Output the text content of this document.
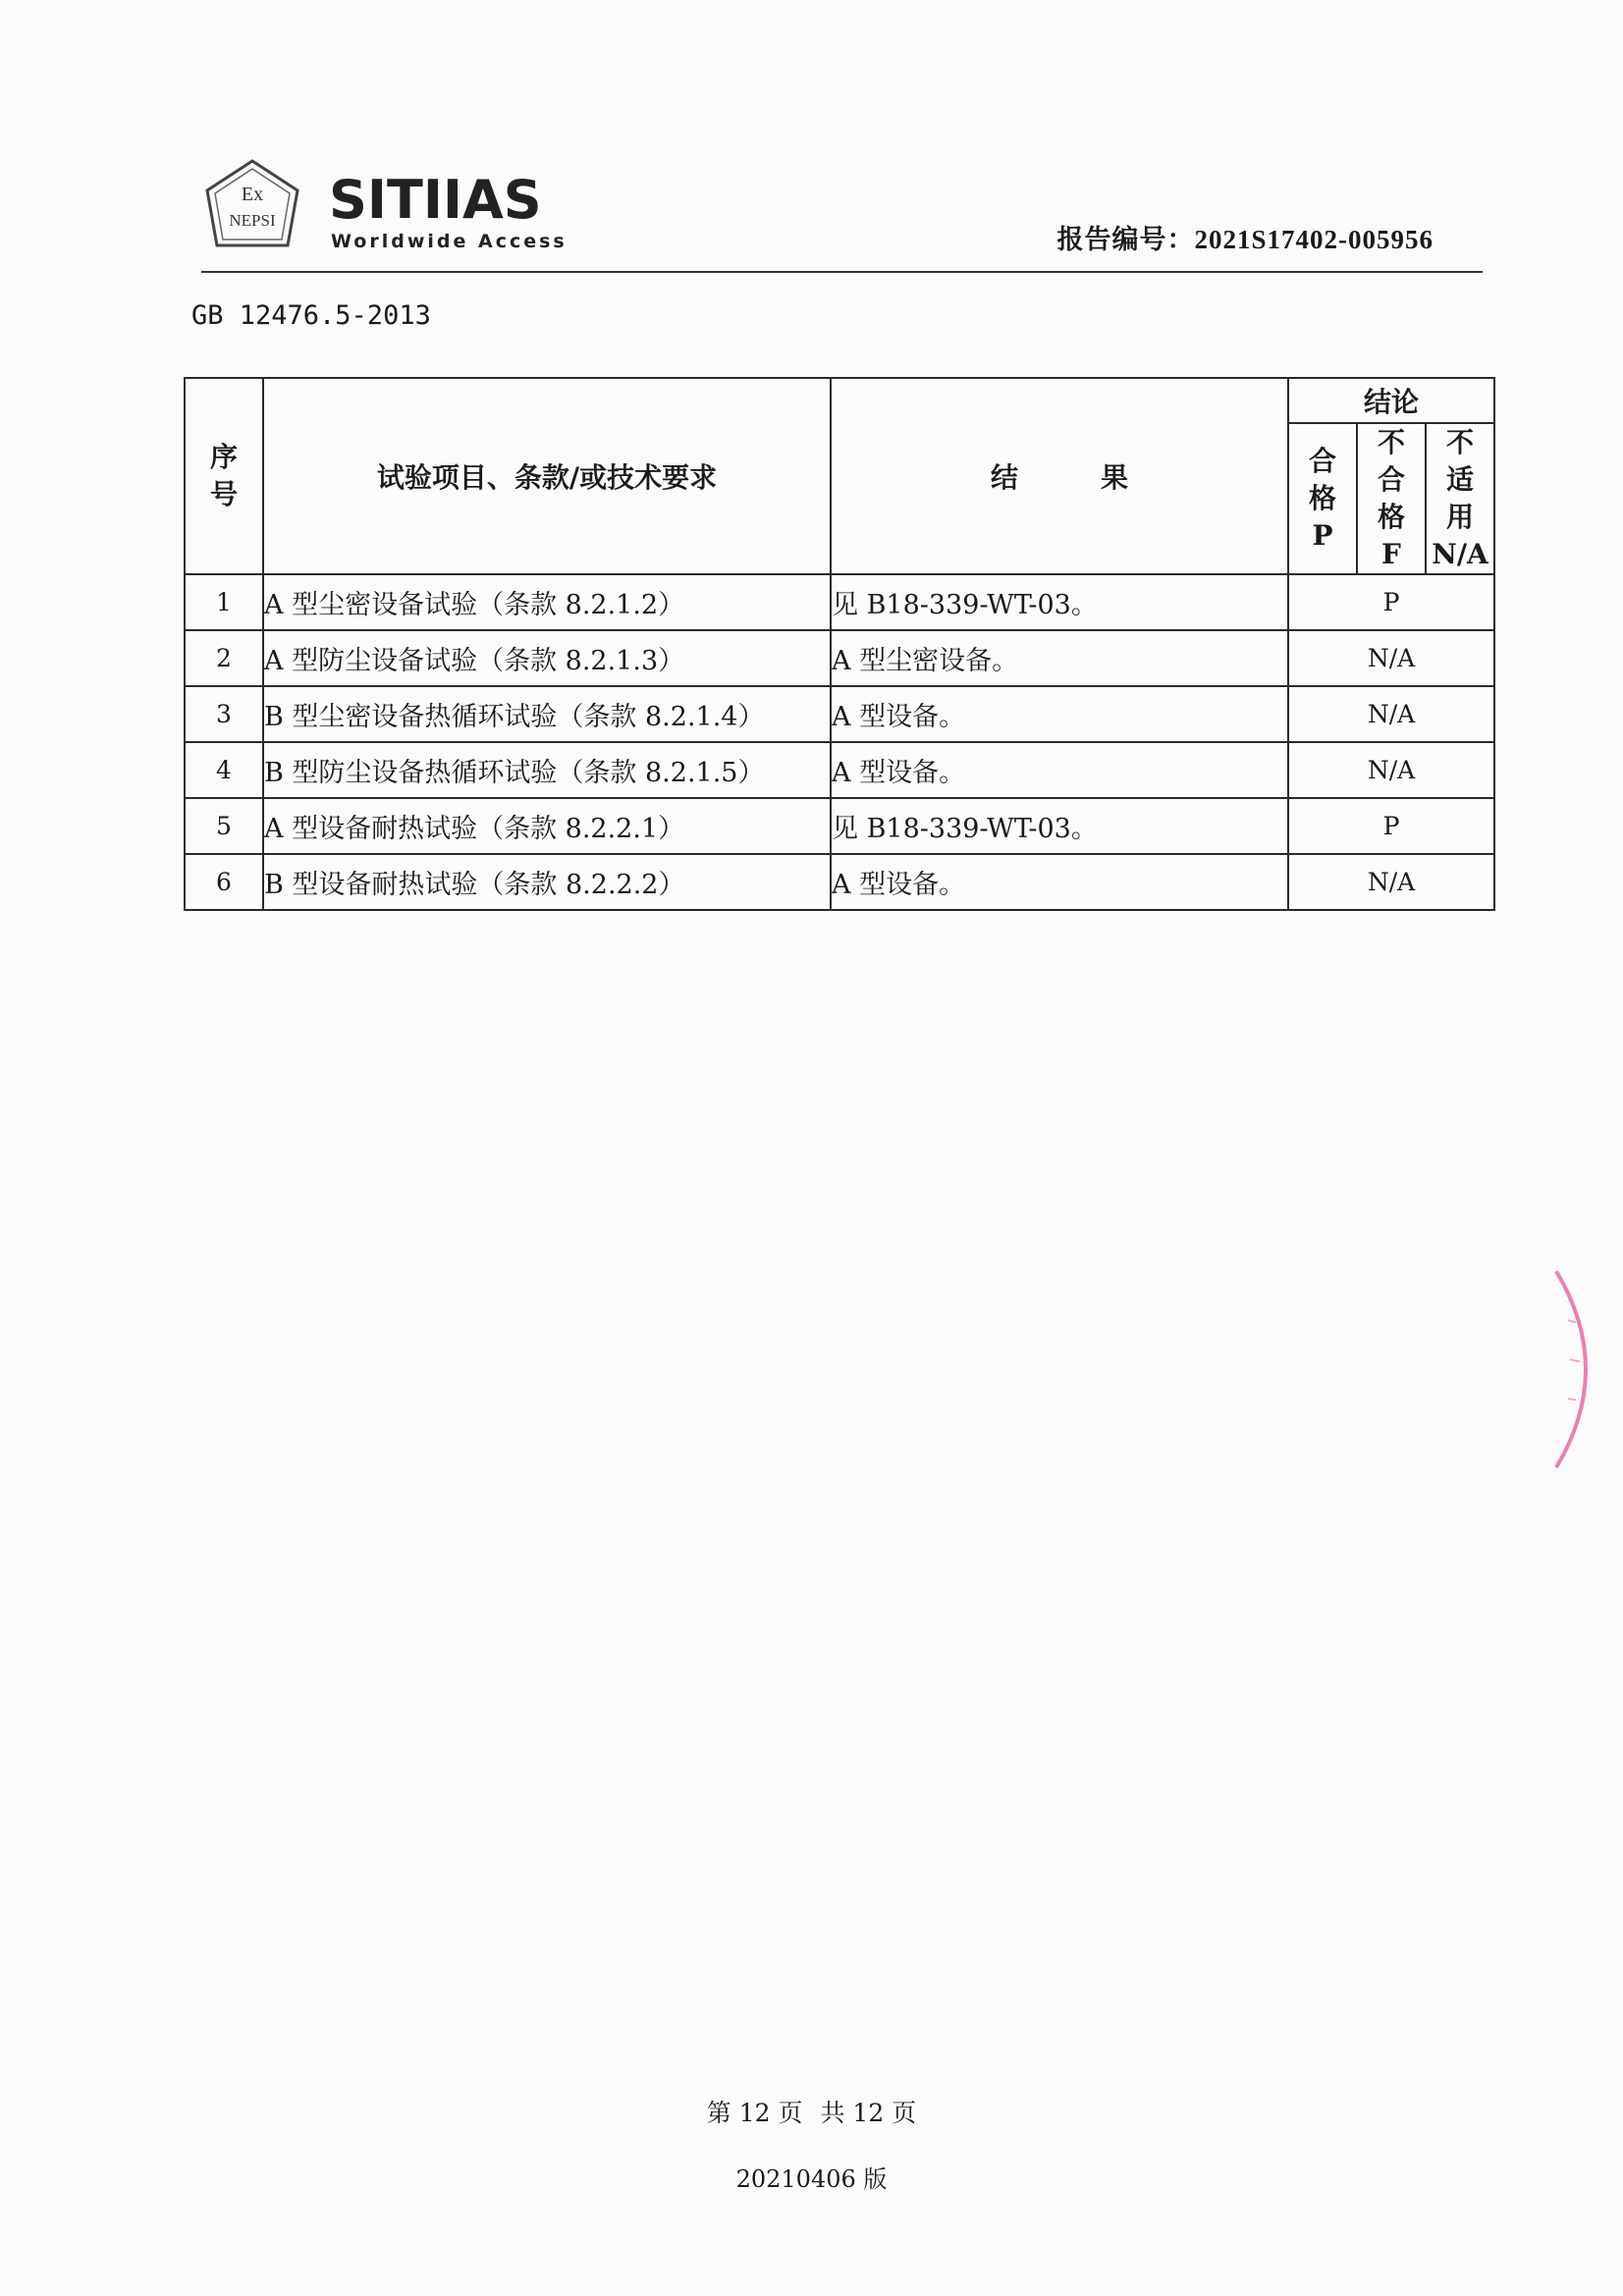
Ex
NEPSI SITIIAS
Worldwide Access	报告编号：2021S17402-005956
GB 12476.5-2013
序
号	试验项目、条款/或技术要求	结　　　果	结论		

			合
格
P	不
合
格
F	不
适
用
N/A

1	A 型尘密设备试验（条款 8.2.1.2）	见 B18-339-WT-03。	P		
2	A 型防尘设备试验（条款 8.2.1.3）	A 型尘密设备。	N/A		
3	B 型尘密设备热循环试验（条款 8.2.1.4）	A 型设备。	N/A		
4	B 型防尘设备热循环试验（条款 8.2.1.5）	A 型设备。	N/A		
5	A 型设备耐热试验（条款 8.2.2.1）	见 B18-339-WT-03。	P		
6	B 型设备耐热试验（条款 8.2.2.2）	A 型设备。	N/A		
第 12 页 共 12 页
20210406 版
